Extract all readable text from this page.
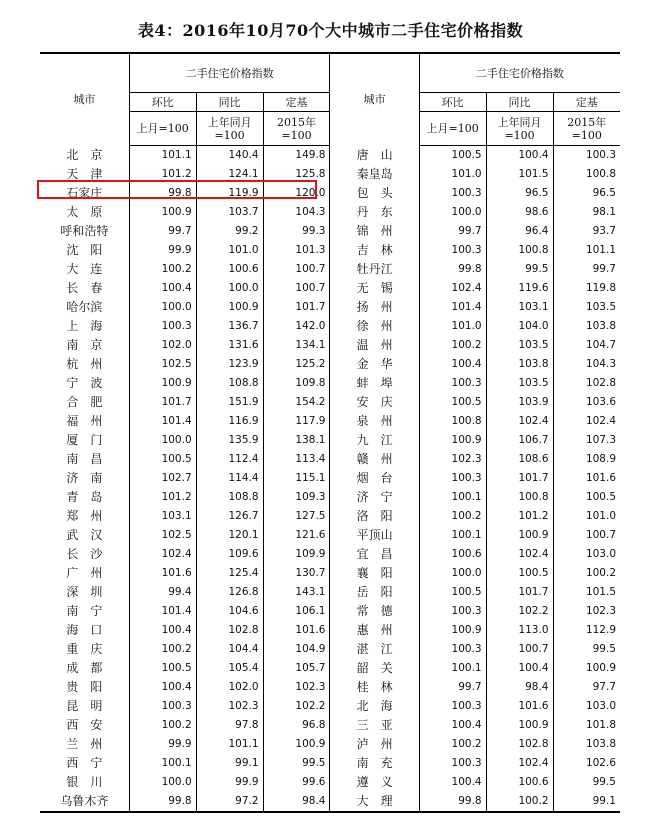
表4：2016年10月70个大中城市二手住宅价格指数
城市	二手住宅价格指数			城市	二手住宅价格指数		
	环比	同比	定基		环比	同比	定基
	上月=100	上年同月=100	2015年=100		上月=100	上年同月=100	2015年=100
北　京	101.1	140.4	149.8	唐　山	100.5	100.4	100.3
天　津	101.2	124.1	125.8	秦皇岛	101.0	101.5	100.8
石家庄	99.8	119.9	120.0	包　头	100.3	96.5	96.5
太　原	100.9	103.7	104.3	丹　东	100.0	98.6	98.1
呼和浩特	99.7	99.2	99.3	锦　州	99.7	96.4	93.7
沈　阳	99.9	101.0	101.3	吉　林	100.3	100.8	101.1
大　连	100.2	100.6	100.7	牡丹江	99.8	99.5	99.7
长　春	100.4	100.0	100.7	无　锡	102.4	119.6	119.8
哈尔滨	100.0	100.9	101.7	扬　州	101.4	103.1	103.5
上　海	100.3	136.7	142.0	徐　州	101.0	104.0	103.8
南　京	102.0	131.6	134.1	温　州	100.2	103.5	104.7
杭　州	102.5	123.9	125.2	金　华	100.4	103.8	104.3
宁　波	100.9	108.8	109.8	蚌　埠	100.3	103.5	102.8
合　肥	101.7	151.9	154.2	安　庆	100.5	103.9	103.6
福　州	101.4	116.9	117.9	泉　州	100.8	102.4	102.4
厦　门	100.0	135.9	138.1	九　江	100.9	106.7	107.3
南　昌	100.5	112.4	113.4	赣　州	102.3	108.6	108.9
济　南	102.7	114.4	115.1	烟　台	100.3	101.7	101.6
青　岛	101.2	108.8	109.3	济　宁	100.1	100.8	100.5
郑　州	103.1	126.7	127.5	洛　阳	100.2	101.2	101.0
武　汉	102.5	120.1	121.6	平顶山	100.1	100.9	100.7
长　沙	102.4	109.6	109.9	宜　昌	100.6	102.4	103.0
广　州	101.6	125.4	130.7	襄　阳	100.0	100.5	100.2
深　圳	99.4	126.8	143.1	岳　阳	100.5	101.7	101.5
南　宁	101.4	104.6	106.1	常　德	100.3	102.2	102.3
海　口	100.4	102.8	101.6	惠　州	100.9	113.0	112.9
重　庆	100.2	104.4	104.9	湛　江	100.3	100.7	99.5
成　都	100.5	105.4	105.7	韶　关	100.1	100.4	100.9
贵　阳	100.4	102.0	102.3	桂　林	99.7	98.4	97.7
昆　明	100.3	102.3	102.2	北　海	100.3	101.6	103.0
西　安	100.2	97.8	96.8	三　亚	100.4	100.9	101.8
兰　州	99.9	101.1	100.9	泸　州	100.2	102.8	103.8
西　宁	100.1	99.1	99.5	南　充	100.3	102.4	102.6
银　川	100.0	99.9	99.6	遵　义	100.4	100.6	99.5
乌鲁木齐	99.8	97.2	98.4	大　理	99.8	100.2	99.1
